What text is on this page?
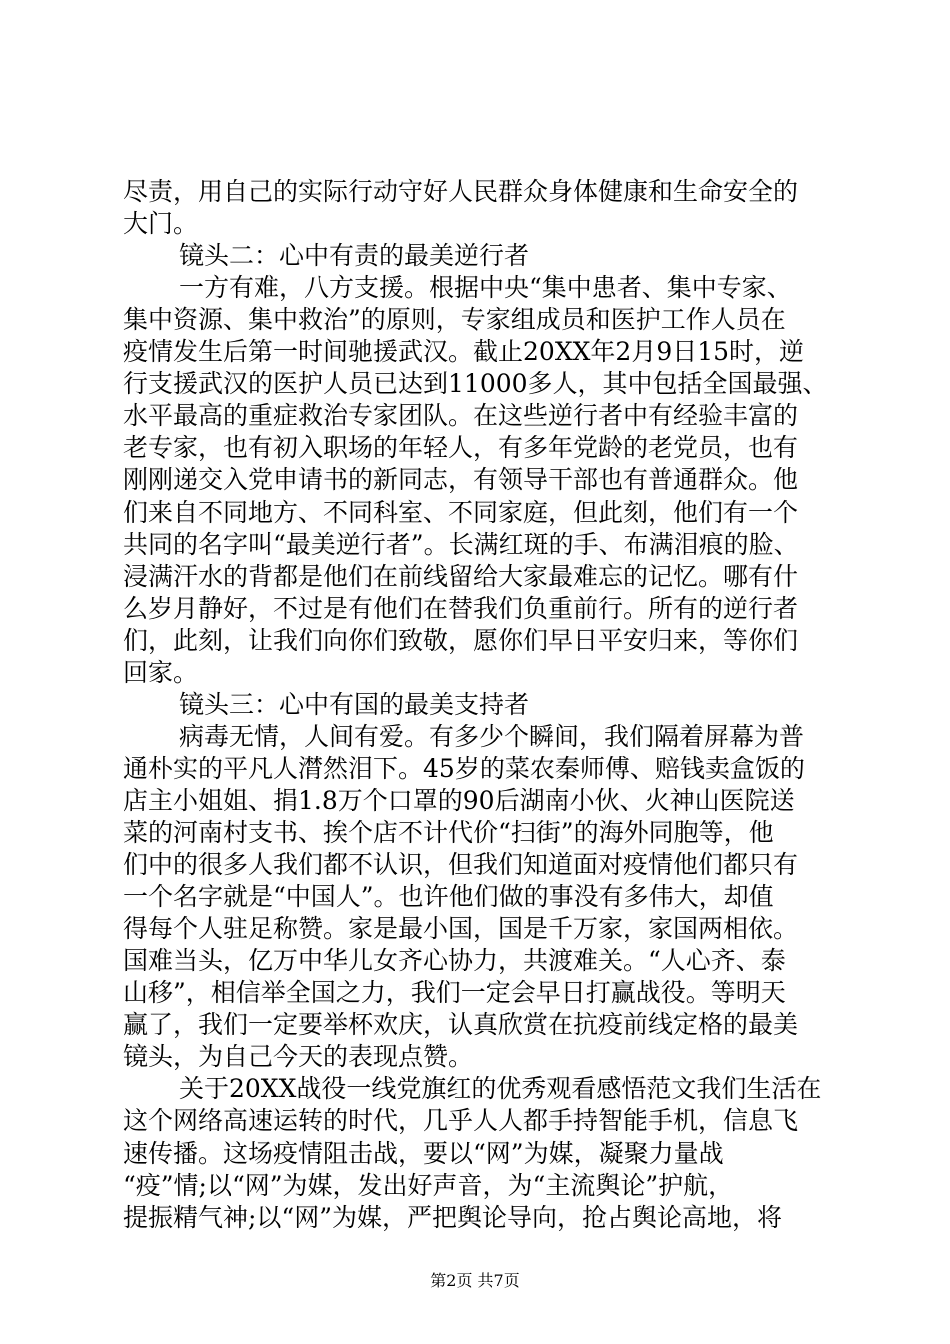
尽责，用自己的实际行动守好人民群众身体健康和生命安全的
大门。
镜头二：心中有责的最美逆行者
一方有难，八方支援。根据中央“集中患者、集中专家、
集中资源、集中救治”的原则，专家组成员和医护工作人员在
疫情发生后第一时间驰援武汉。截止20XX年2月9日15时，逆
行支援武汉的医护人员已达到11000多人，其中包括全国最强、
水平最高的重症救治专家团队。在这些逆行者中有经验丰富的
老专家，也有初入职场的年轻人，有多年党龄的老党员，也有
刚刚递交入党申请书的新同志，有领导干部也有普通群众。他
们来自不同地方、不同科室、不同家庭，但此刻，他们有一个
共同的名字叫“最美逆行者”。长满红斑的手、布满泪痕的脸、
浸满汗水的背都是他们在前线留给大家最难忘的记忆。哪有什
么岁月静好，不过是有他们在替我们负重前行。所有的逆行者
们，此刻，让我们向你们致敬，愿你们早日平安归来，等你们
回家。
镜头三：心中有国的最美支持者
病毒无情，人间有爱。有多少个瞬间，我们隔着屏幕为普
通朴实的平凡人潸然泪下。45岁的菜农秦师傅、赔钱卖盒饭的
店主小姐姐、捐1.8万个口罩的90后湖南小伙、火神山医院送
菜的河南村支书、挨个店不计代价“扫街”的海外同胞等，他
们中的很多人我们都不认识，但我们知道面对疫情他们都只有
一个名字就是“中国人”。也许他们做的事没有多伟大，却值
得每个人驻足称赞。家是最小国，国是千万家，家国两相依。
国难当头，亿万中华儿女齐心协力，共渡难关。“人心齐、泰
山移”，相信举全国之力，我们一定会早日打赢战役。等明天
赢了，我们一定要举杯欢庆，认真欣赏在抗疫前线定格的最美
镜头，为自己今天的表现点赞。
关于20XX战役一线党旗红的优秀观看感悟范文我们生活在
这个网络高速运转的时代，几乎人人都手持智能手机，信息飞
速传播。这场疫情阻击战，要以“网”为媒，凝聚力量战
“疫”情;以“网”为媒，发出好声音，为“主流舆论”护航，
提振精气神;以“网”为媒，严把舆论导向，抢占舆论高地，将
第2页 共7页
